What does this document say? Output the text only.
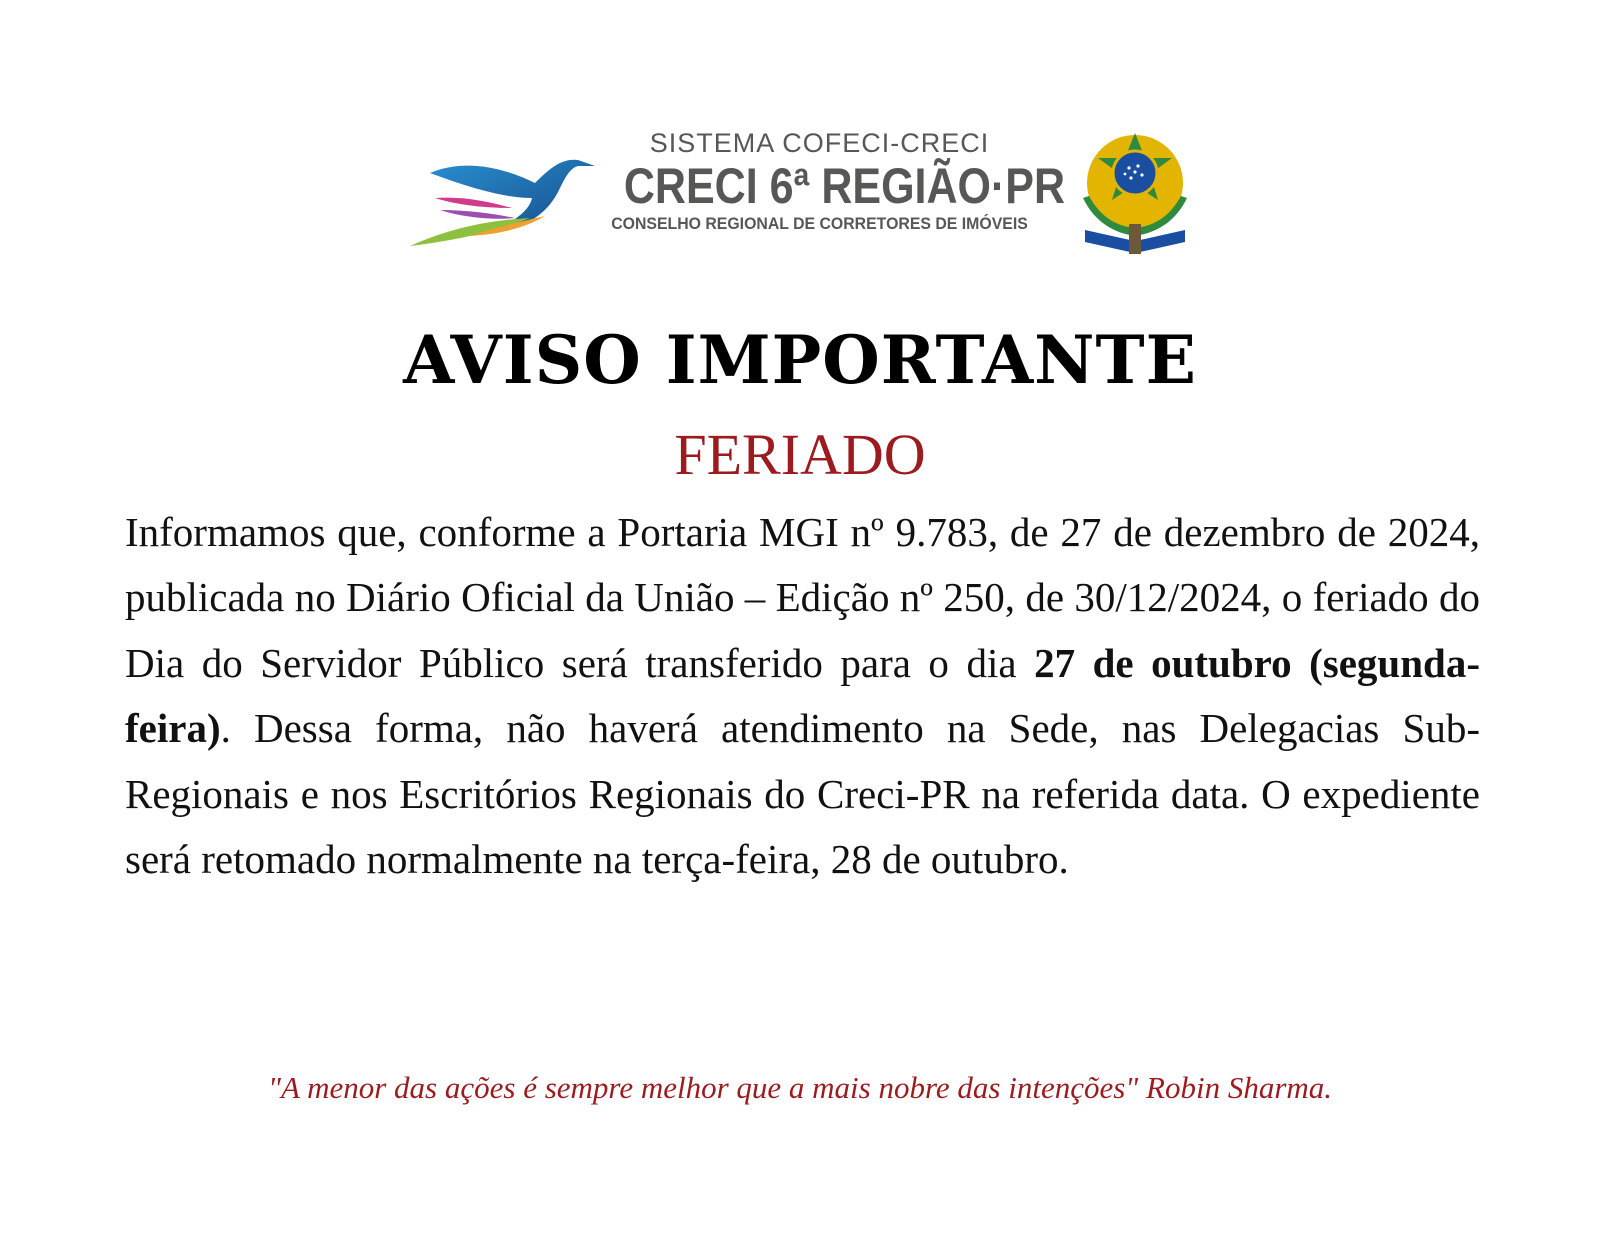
SISTEMA COFECI-CRECI
CRECI 6ª REGIÃO·PR
CONSELHO REGIONAL DE CORRETORES DE IMÓVEIS
AVISO IMPORTANTE
FERIADO
Informamos que, conforme a Portaria MGI nº 9.783, de 27 de dezembro de 2024, publicada no Diário Oficial da União – Edição nº 250, de 30/12/2024, o feriado do Dia do Servidor Público será transferido para o dia 27 de outubro (segunda-feira). Dessa forma, não haverá atendimento na Sede, nas Delegacias Sub-Regionais e nos Escritórios Regionais do Creci-PR na referida data. O expediente será retomado normalmente na terça-feira, 28 de outubro.
"A menor das ações é sempre melhor que a mais nobre das intenções" Robin Sharma.
